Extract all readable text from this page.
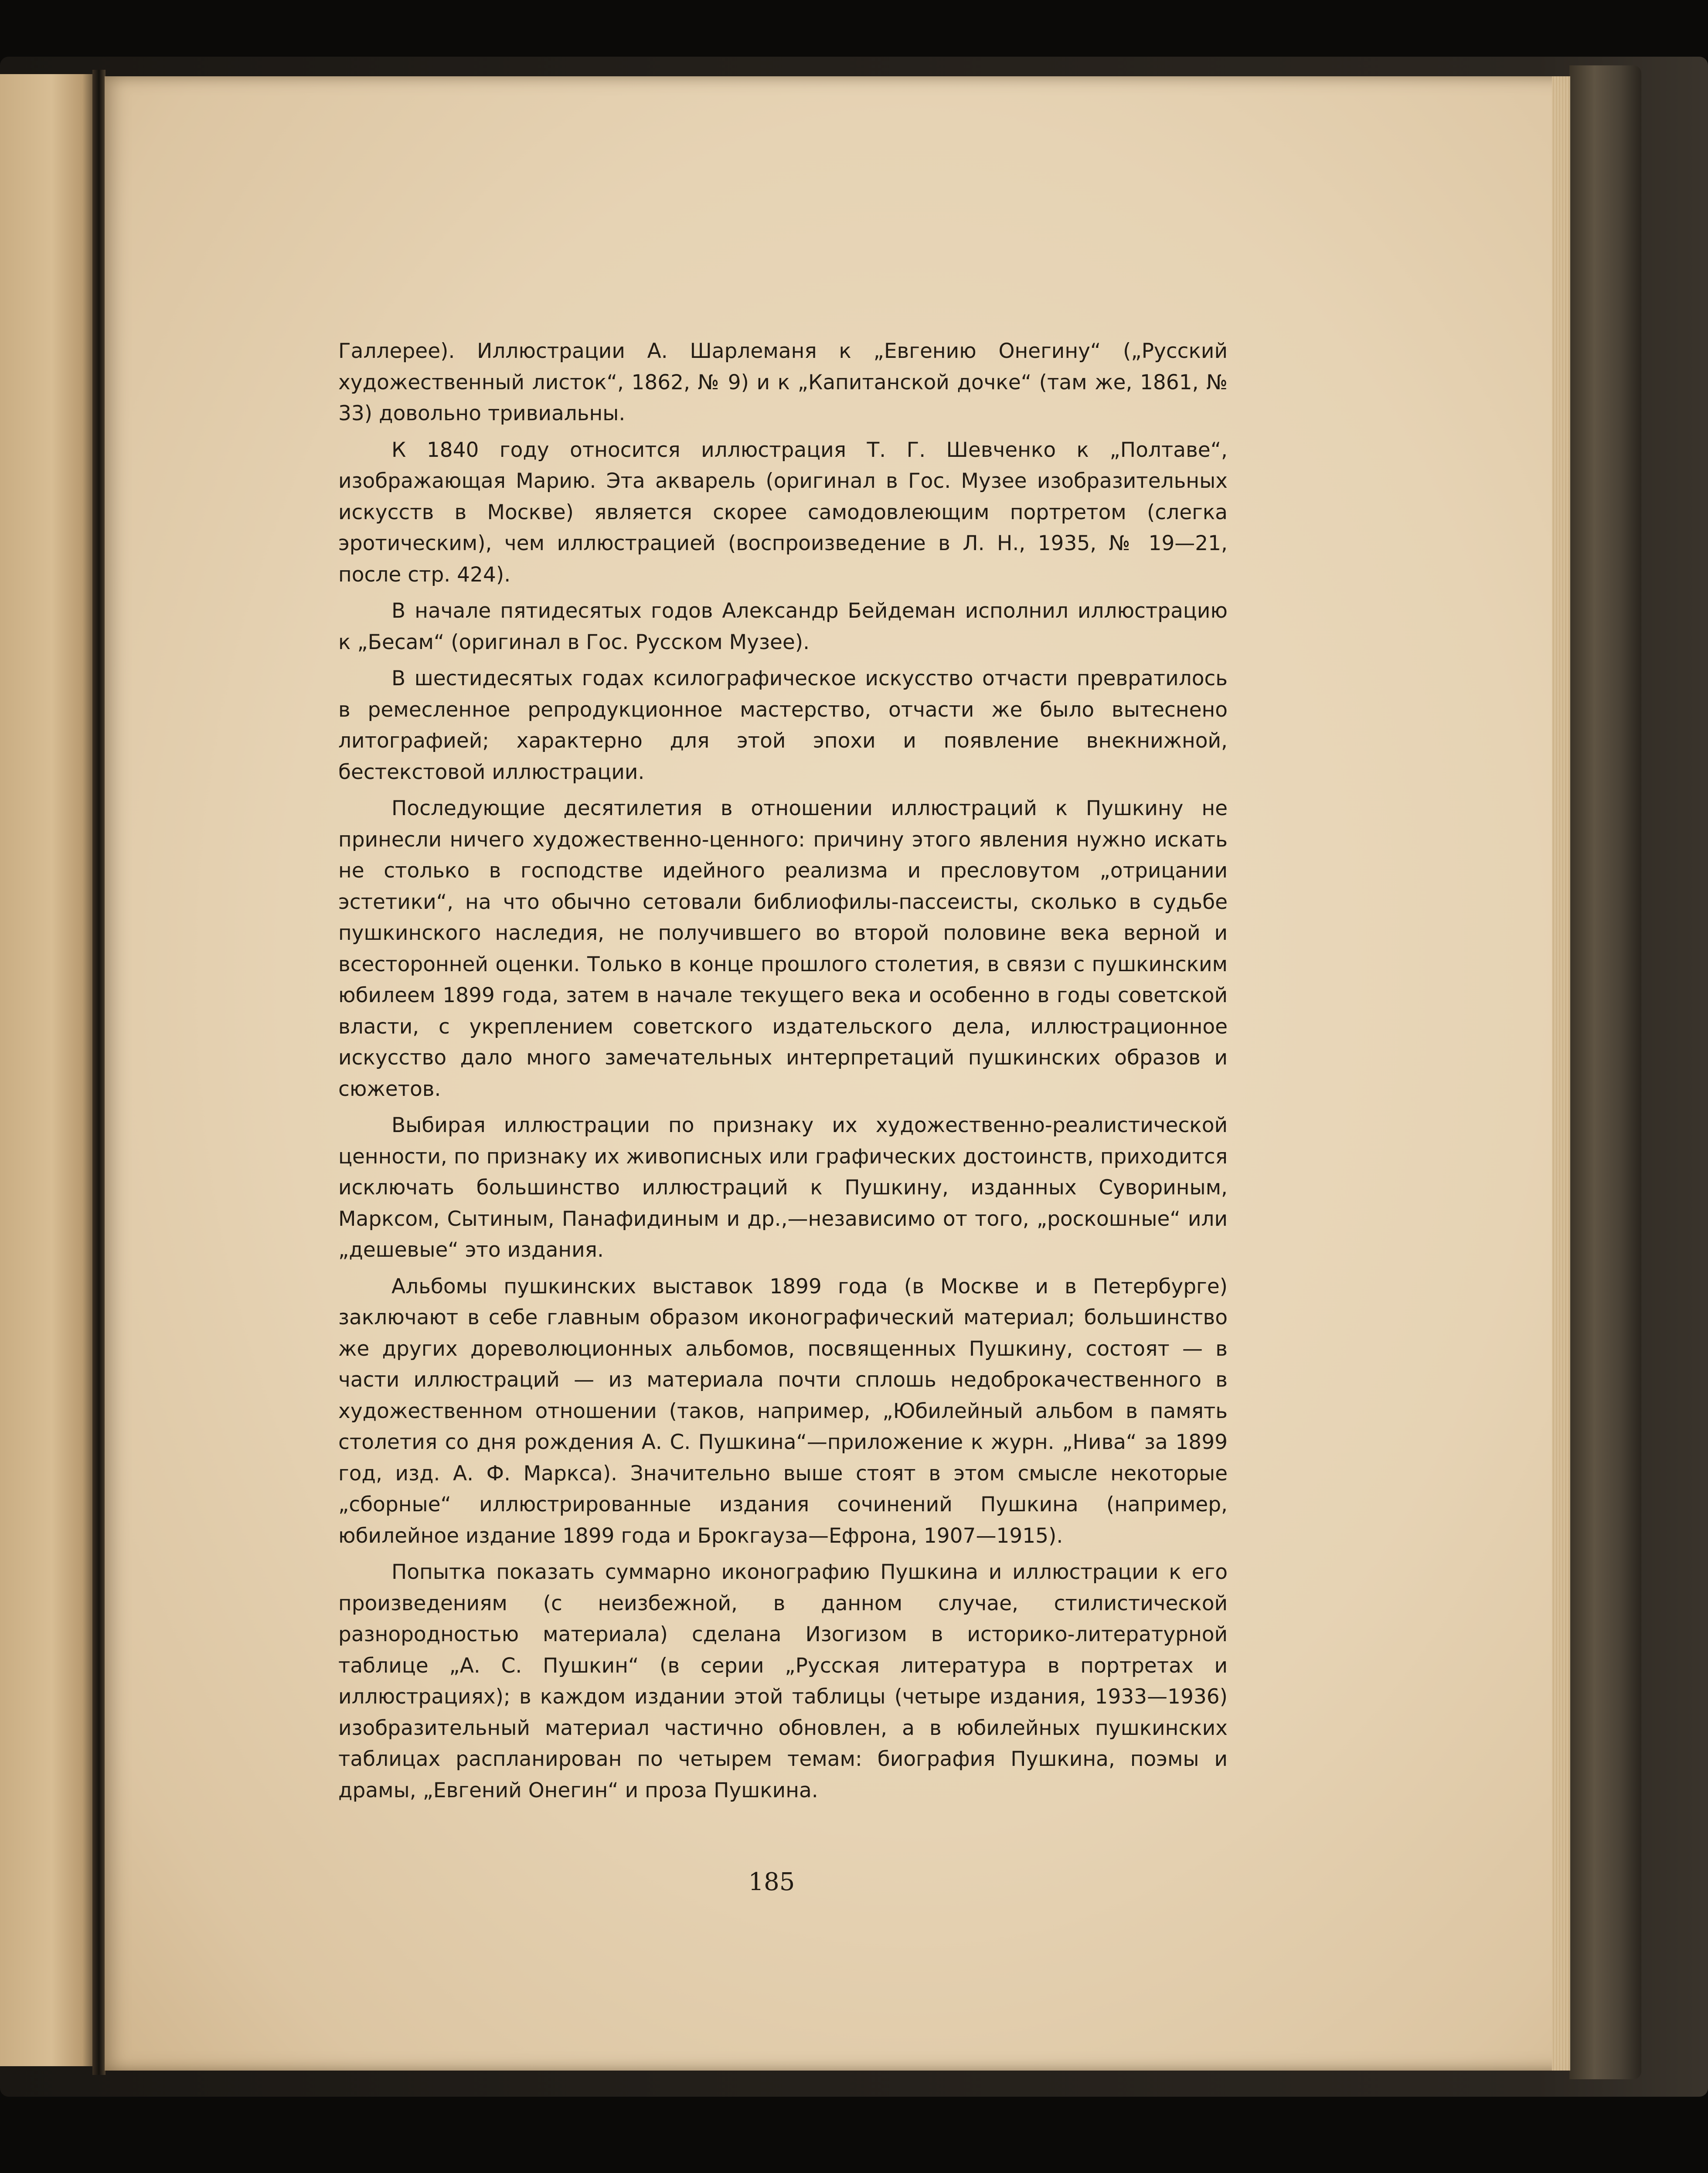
Галлерее). Иллюстрации А. Шарлеманя к „Евгению Онегину“ („Русский художественный листок“, 1862, № 9) и к „Капитанской дочке“ (там же, 1861, № 33) довольно тривиальны.

К 1840 году относится иллюстрация Т. Г. Шевченко к „Полтаве“, изображающая Марию. Эта акварель (оригинал в Гос. Музее изобразительных искусств в Москве) является скорее самодовлеющим портретом (слегка эротическим), чем иллюстрацией (воспроизведение в Л. Н., 1935, № 19—21, после стр. 424).

В начале пятидесятых годов Александр Бейдеман исполнил иллюстрацию к „Бесам“ (оригинал в Гос. Русском Музее).

В шестидесятых годах ксилографическое искусство отчасти превратилось в ремесленное репродукционное мастерство, отчасти же было вытеснено литографией; характерно для этой эпохи и появление внекнижной, бестекстовой иллюстрации.

Последующие десятилетия в отношении иллюстраций к Пушкину не принесли ничего художественно-ценного: причину этого явления нужно искать не столько в господстве идейного реализма и пресловутом „отрицании эстетики“, на что обычно сетовали библиофилы-пассеисты, сколько в судьбе пушкинского наследия, не получившего во второй половине века верной и всесторонней оценки. Только в конце прошлого столетия, в связи с пушкинским юбилеем 1899 года, затем в начале текущего века и особенно в годы советской власти, с укреплением советского издательского дела, иллюстрационное искусство дало много замечательных интерпретаций пушкинских образов и сюжетов.

Выбирая иллюстрации по признаку их художественно-реалистической ценности, по признаку их живописных или графических достоинств, приходится исключать большинство иллюстраций к Пушкину, изданных Сувориным, Марксом, Сытиным, Панафидиным и др.,—независимо от того, „роскошные“ или „дешевые“ это издания.

Альбомы пушкинских выставок 1899 года (в Москве и в Петербурге) заключают в себе главным образом иконографический материал; большинство же других дореволюционных альбомов, посвященных Пушкину, состоят — в части иллюстраций — из материала почти сплошь недоброкачественного в художественном отношении (таков, например, „Юбилейный альбом в память столетия со дня рождения А. С. Пушкина“—приложение к журн. „Нива“ за 1899 год, изд. А. Ф. Маркса). Значительно выше стоят в этом смысле некоторые „сборные“ иллюстрированные издания сочинений Пушкина (например, юбилейное издание 1899 года и Брокгауза—Ефрона, 1907—1915).

Попытка показать суммарно иконографию Пушкина и иллюстрации к его произведениям (с неизбежной, в данном случае, стилистической разнородностью материала) сделана Изогизом в историко-литературной таблице „А. С. Пушкин“ (в серии „Русская литература в портретах и иллюстрациях); в каждом издании этой таблицы (четыре издания, 1933—1936) изобразительный материал частично обновлен, а в юбилейных пушкинских таблицах распланирован по четырем темам: биография Пушкина, поэмы и драмы, „Евгений Онегин“ и проза Пушкина.

185
